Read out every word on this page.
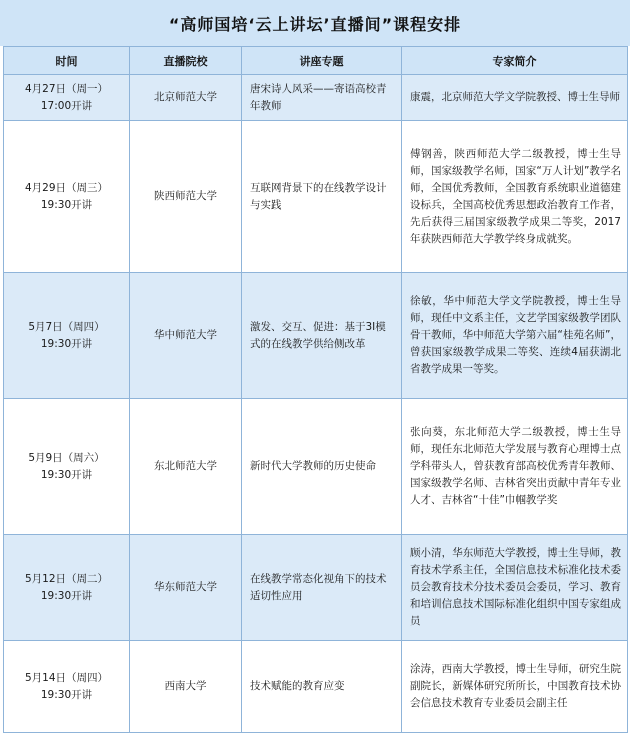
“高师国培‘云上讲坛’直播间”课程安排
时间	直播院校	讲座专题	专家简介

4月27日（周一）
17:00开讲	北京师范大学	唐宋诗人风采——寄语高校青年教师	康震，北京师范大学文学院教授、博士生导师

4月29日（周三）
19:30开讲	陕西师范大学	互联网背景下的在线教学设计与实践	傅钢善，陕西师范大学二级教授，博士生导师，国家级教学名师，国家“万人计划”教学名师，全国优秀教师，全国教育系统职业道德建设标兵，全国高校优秀思想政治教育工作者，先后获得三届国家级教学成果二等奖，2017年获陕西师范大学教学终身成就奖。

5月7日（周四）
19:30开讲	华中师范大学	激发、交互、促进：基于3I模式的在线教学供给侧改革	徐敏，华中师范大学文学院教授，博士生导师，现任中文系主任，文艺学国家级教学团队骨干教师，华中师范大学第六届“桂苑名师”，曾获国家级教学成果二等奖、连续4届获湖北省教学成果一等奖。

5月9日（周六）
19:30开讲	东北师范大学	新时代大学教师的历史使命	张向葵，东北师范大学二级教授，博士生导师，现任东北师范大学发展与教育心理博士点学科带头人，曾获教育部高校优秀青年教师、国家级教学名师、吉林省突出贡献中青年专业人才、吉林省“十佳”巾帼教学奖

5月12日（周二）
19:30开讲	华东师范大学	在线教学常态化视角下的技术适切性应用	顾小清，华东师范大学教授，博士生导师，教育技术学系主任，全国信息技术标准化技术委员会教育技术分技术委员会委员，学习、教育和培训信息技术国际标准化组织中国专家组成员

5月14日（周四）
19:30开讲	西南大学	技术赋能的教育应变	涂涛，西南大学教授，博士生导师，研究生院副院长，新媒体研究所所长，中国教育技术协会信息技术教育专业委员会副主任
